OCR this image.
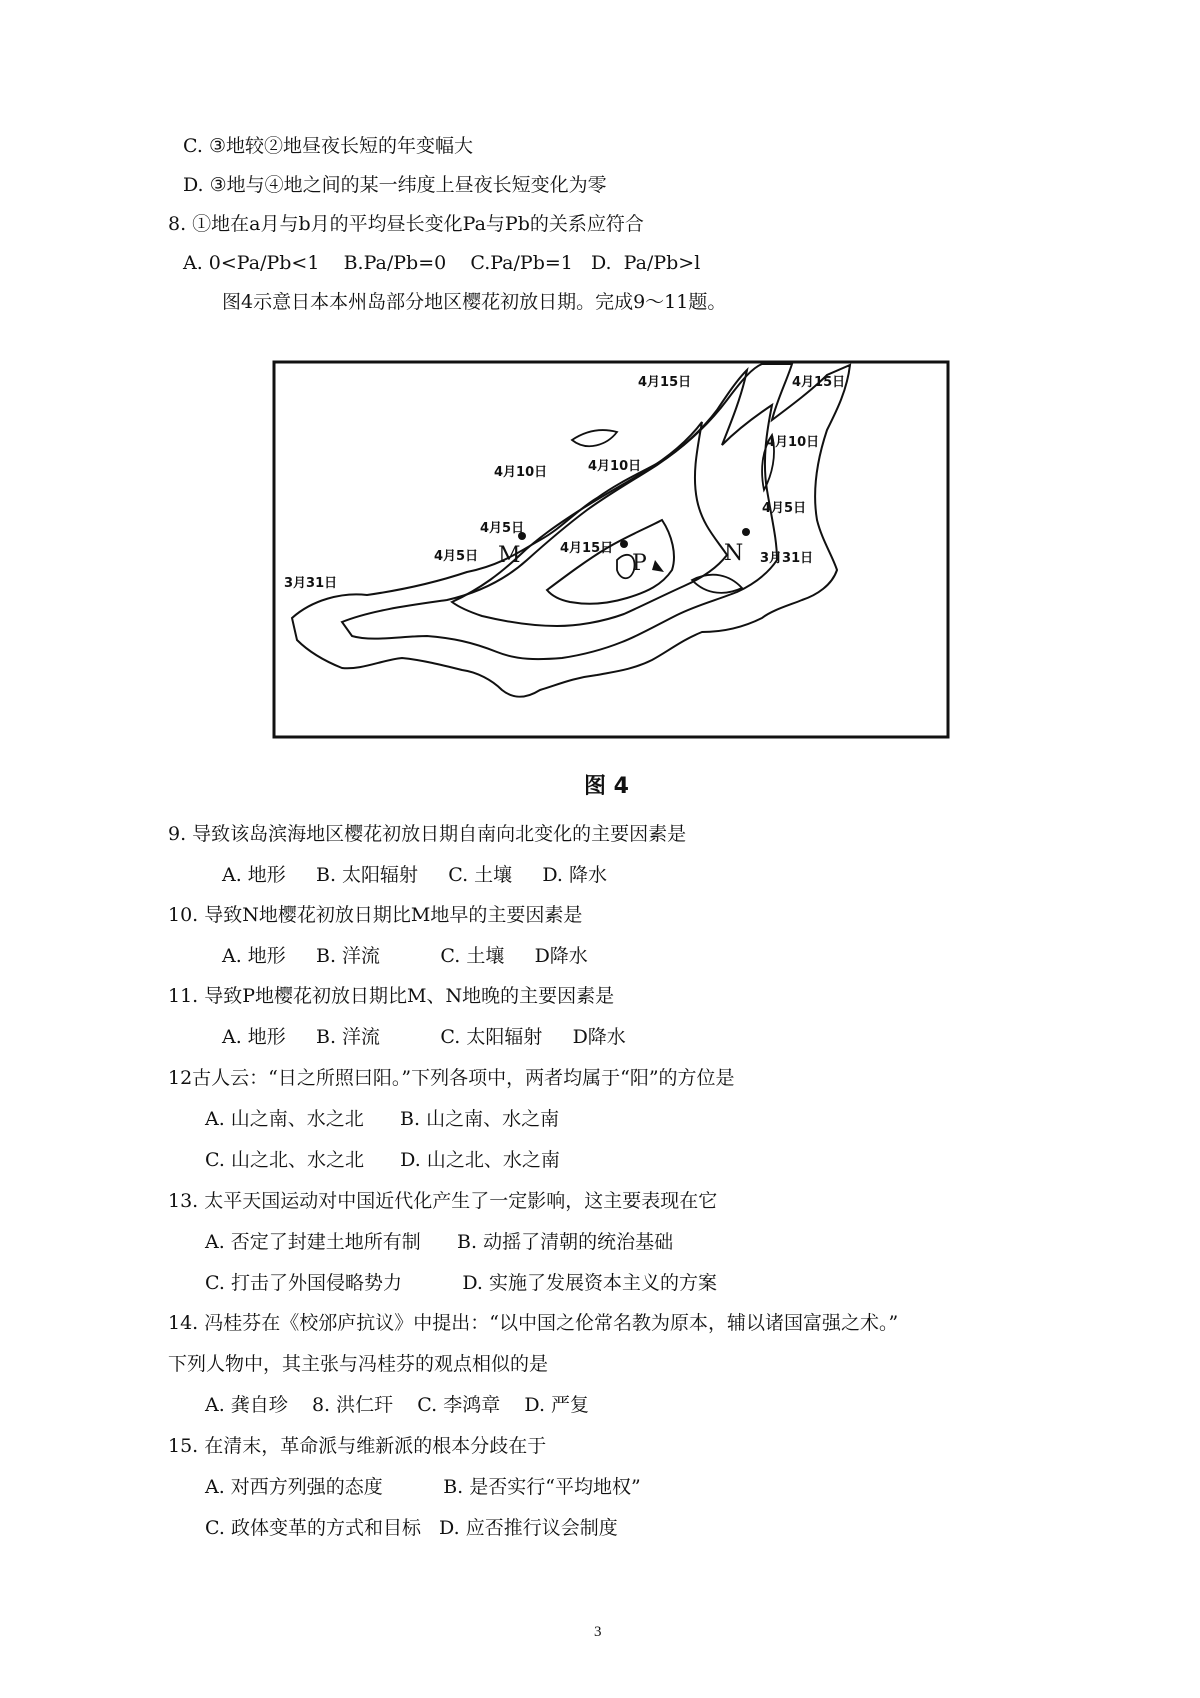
C. ③地较②地昼夜长短的年变幅大
D. ③地与④地之间的某一纬度上昼夜长短变化为零
8. ①地在a月与b月的平均昼长变化Pa与Pb的关系应符合
A. 0<Pa/Pb<1    B.Pa/Pb=0    C.Pa/Pb=1   D.  Pa/Pb>l
图4示意日本本州岛部分地区樱花初放日期。完成9～11题。
4月15日	4月15日
4月10日
4月10日	4月10日
4月5日
4月5日
4月5日
4月15日
3月31日
3月31日
M	P	N
图 4
9. 导致该岛滨海地区樱花初放日期自南向北变化的主要因素是
A. 地形     B. 太阳辐射     C. 土壤     D. 降水
10. 导致N地樱花初放日期比M地早的主要因素是
A. 地形     B. 洋流          C. 土壤     D降水
11. 导致P地樱花初放日期比M、N地晚的主要因素是
A. 地形     B. 洋流          C. 太阳辐射     D降水
12古人云：“日之所照曰阳。”下列各项中，两者均属于“阳”的方位是
A. 山之南、水之北      B. 山之南、水之南
C. 山之北、水之北      D. 山之北、水之南
13. 太平天国运动对中国近代化产生了一定影响，这主要表现在它
A. 否定了封建土地所有制      B. 动摇了清朝的统治基础
C. 打击了外国侵略势力          D. 实施了发展资本主义的方案
14. 冯桂芬在《校邠庐抗议》中提出：“以中国之伦常名教为原本，辅以诸国富强之术。”
下列人物中，其主张与冯桂芬的观点相似的是
A. 龚自珍    8. 洪仁玕    C. 李鸿章    D. 严复
15. 在清末，革命派与维新派的根本分歧在于
A. 对西方列强的态度          B. 是否实行“平均地权”
C. 政体变革的方式和目标   D. 应否推行议会制度
3
